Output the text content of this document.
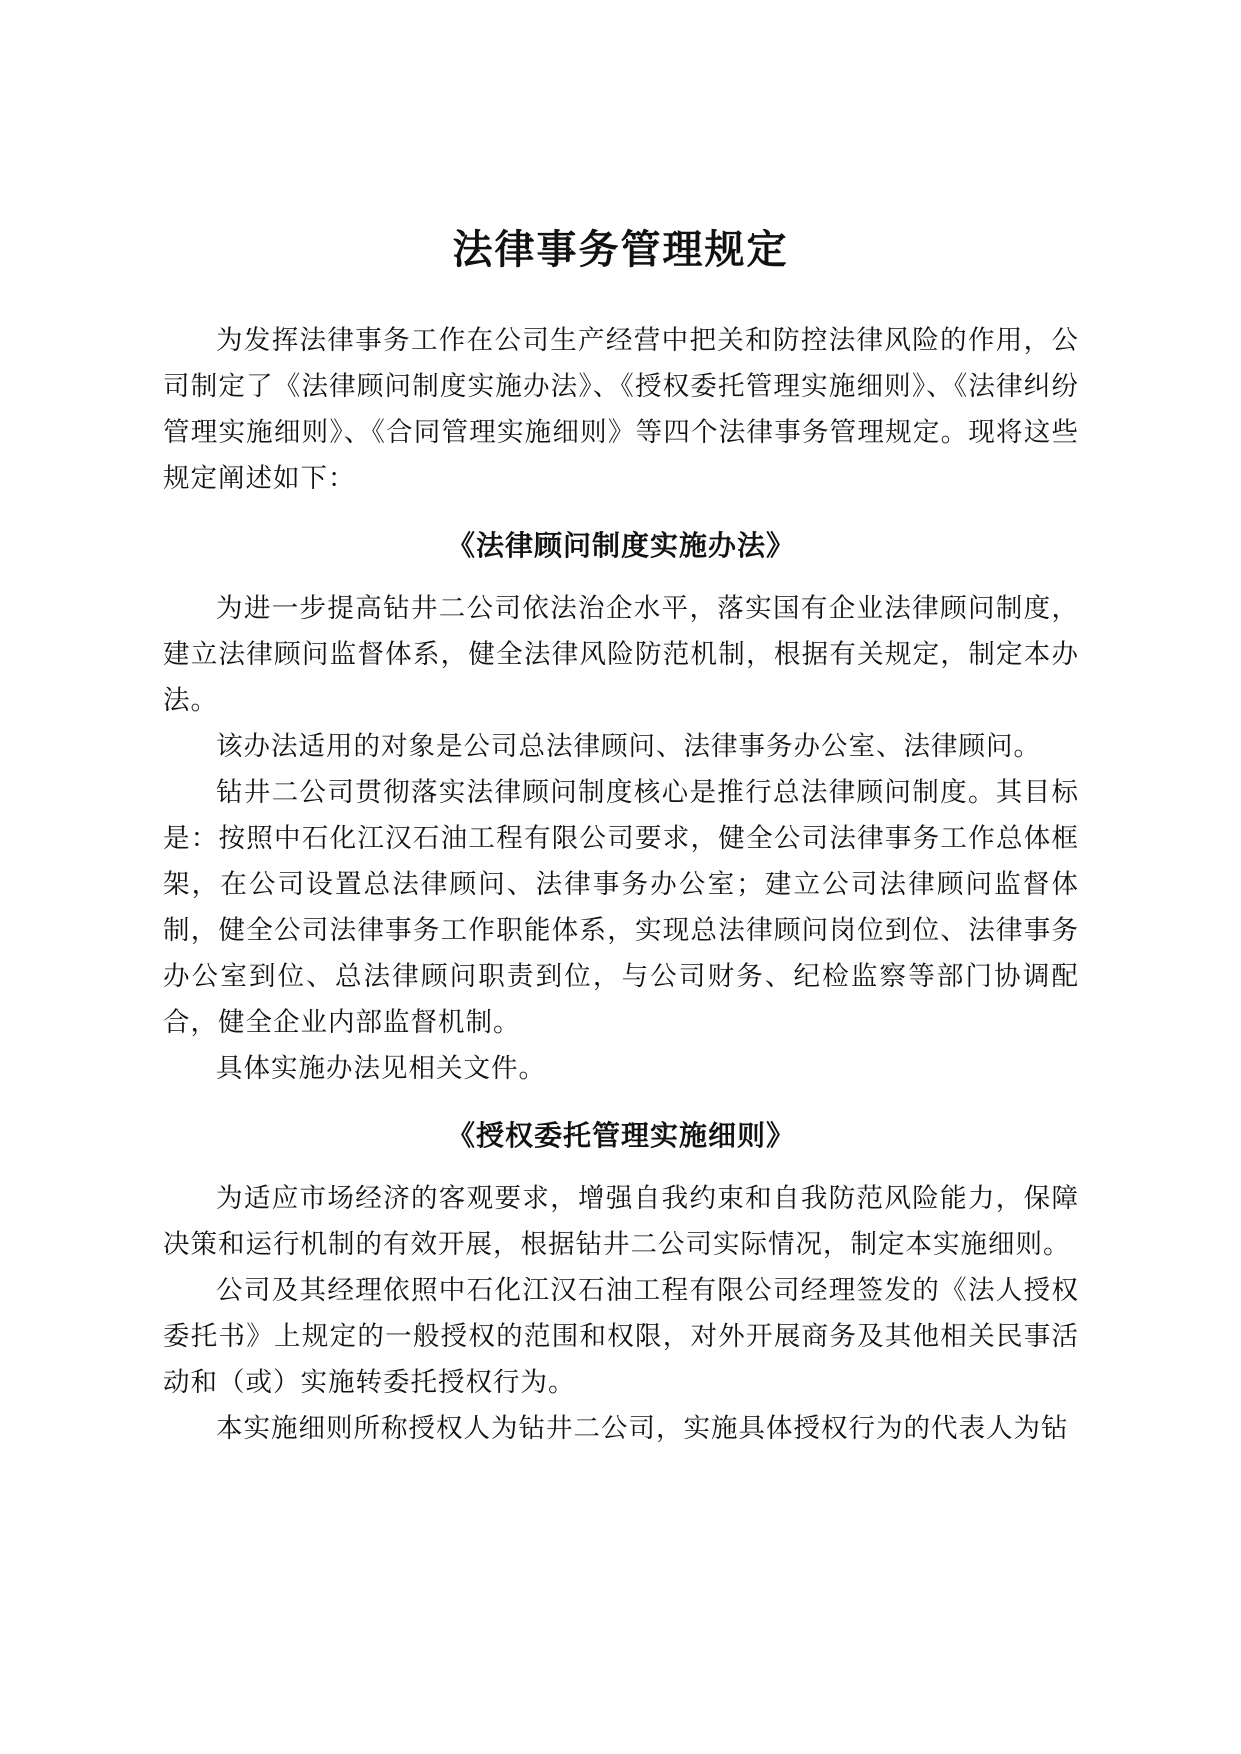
法律事务管理规定

为发挥法律事务工作在公司生产经营中把关和防控法律风险的作用，公司制定了《法律顾问制度实施办法》、《授权委托管理实施细则》、《法律纠纷管理实施细则》、《合同管理实施细则》等四个法律事务管理规定。现将这些规定阐述如下：

《法律顾问制度实施办法》

为进一步提高钻井二公司依法治企水平，落实国有企业法律顾问制度，建立法律顾问监督体系，健全法律风险防范机制，根据有关规定，制定本办法。

该办法适用的对象是公司总法律顾问、法律事务办公室、法律顾问。

钻井二公司贯彻落实法律顾问制度核心是推行总法律顾问制度。其目标是：按照中石化江汉石油工程有限公司要求，健全公司法律事务工作总体框架，在公司设置总法律顾问、法律事务办公室；建立公司法律顾问监督体制，健全公司法律事务工作职能体系，实现总法律顾问岗位到位、法律事务办公室到位、总法律顾问职责到位，与公司财务、纪检监察等部门协调配合，健全企业内部监督机制。

具体实施办法见相关文件。

《授权委托管理实施细则》

为适应市场经济的客观要求，增强自我约束和自我防范风险能力，保障决策和运行机制的有效开展，根据钻井二公司实际情况，制定本实施细则。

公司及其经理依照中石化江汉石油工程有限公司经理签发的《法人授权委托书》上规定的一般授权的范围和权限，对外开展商务及其他相关民事活动和（或）实施转委托授权行为。

本实施细则所称授权人为钻井二公司，实施具体授权行为的代表人为钻
